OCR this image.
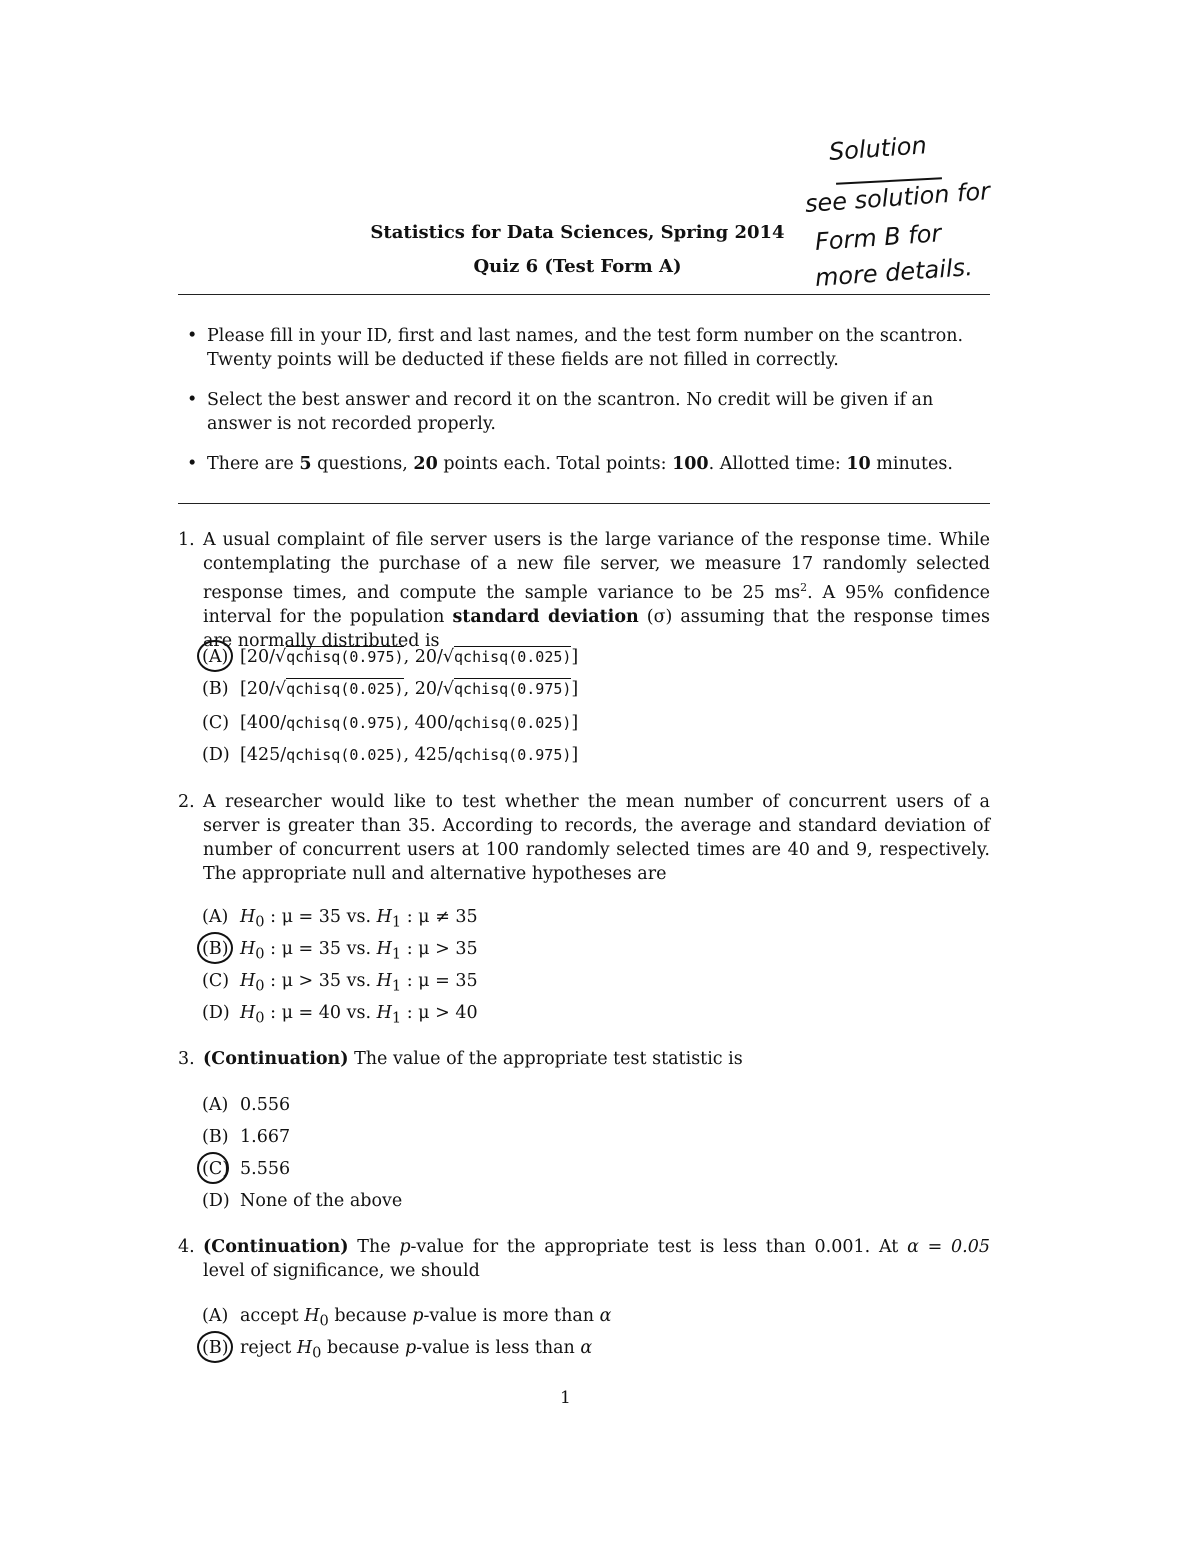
Statistics for Data Sciences, Spring 2014
Quiz 6 (Test Form A)
Solution
see solution for
Form B for
more details.
• Please fill in your ID, first and last names, and the test form number on the scantron. Twenty points will be deducted if these fields are not filled in correctly.
• Select the best answer and record it on the scantron. No credit will be given if an answer is not recorded properly.
• There are 5 questions, 20 points each. Total points: 100. Allotted time: 10 minutes.
1. A usual complaint of file server users is the large variance of the response time. While contemplating the purchase of a new file server, we measure 17 randomly selected response times, and compute the sample variance to be 25 $ms^2$. A 95% confidence interval for the population standard deviation (σ) assuming that the response times are normally distributed is
(A) [20/√qchisq(0.975), 20/√qchisq(0.025)]
(B) [20/√qchisq(0.025), 20/√qchisq(0.975)]
(C) [400/qchisq(0.975), 400/qchisq(0.025)]
(D) [425/qchisq(0.025), 425/qchisq(0.975)]
2. A researcher would like to test whether the mean number of concurrent users of a server is greater than 35. According to records, the average and standard deviation of number of concurrent users at 100 randomly selected times are 40 and 9, respectively. The appropriate null and alternative hypotheses are
(A) $H_0$ : μ = 35 vs. $H_1$ : μ ≠ 35
(B) $H_0$ : μ = 35 vs. $H_1$ : μ > 35
(C) $H_0$ : μ > 35 vs. $H_1$ : μ = 35
(D) $H_0$ : μ = 40 vs. $H_1$ : μ > 40
3. (Continuation) The value of the appropriate test statistic is
(A) 0.556
(B) 1.667
(C) 5.556
(D) None of the above
4. (Continuation) The p-value for the appropriate test is less than 0.001. At α = 0.05 level of significance, we should
(A) accept $H_0$ because p-value is more than α
(B) reject $H_0$ because p-value is less than α
1
